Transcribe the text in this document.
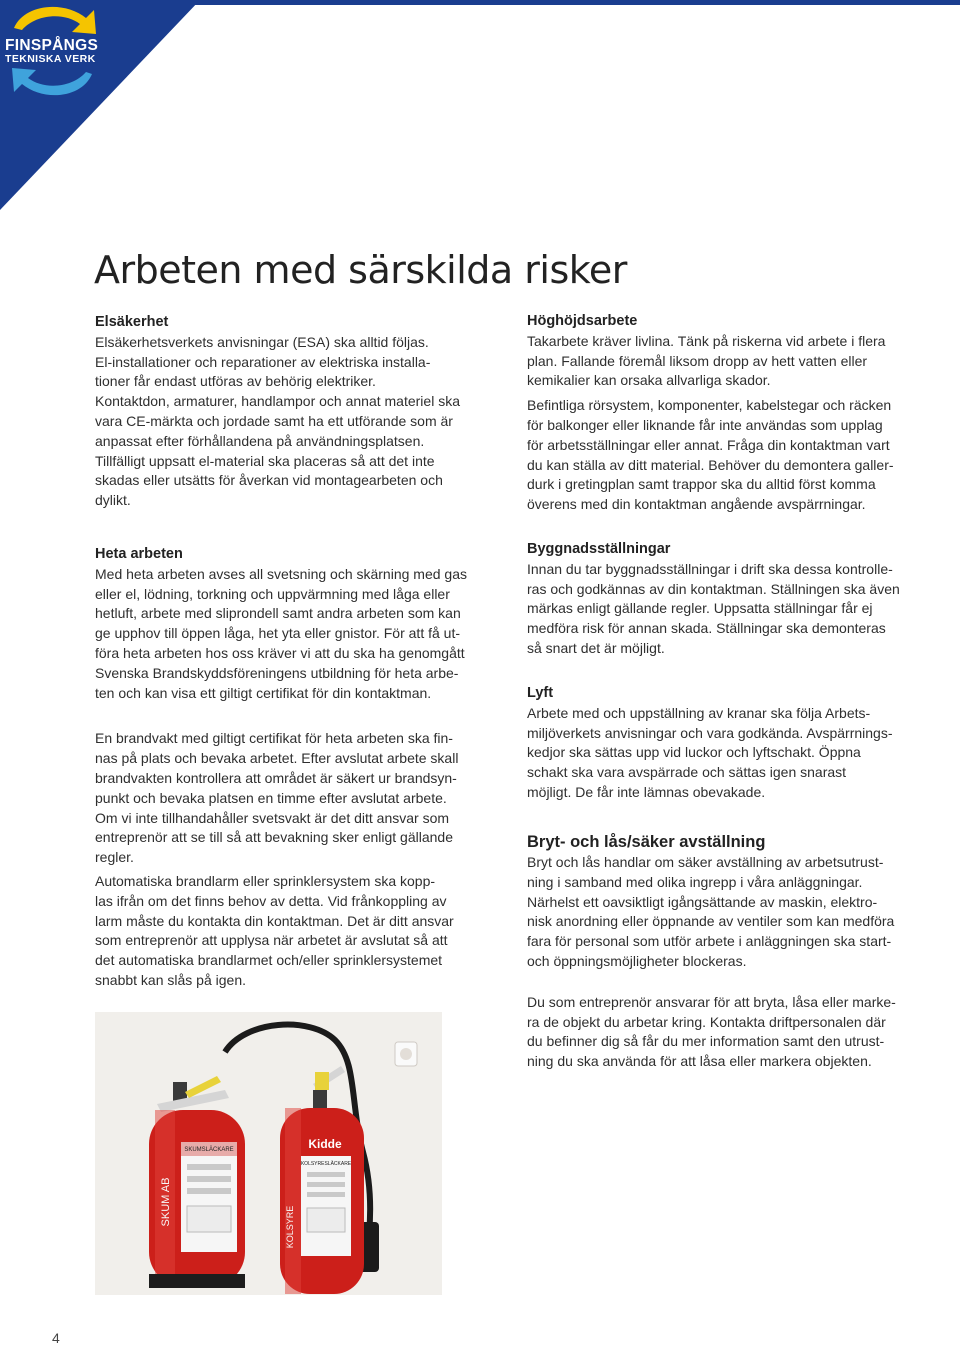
FINSPÅNGS
TEKNISKA VERK
Arbeten med särskilda risker
Elsäkerhet

Elsäkerhetsverkets anvisningar (ESA) ska alltid följas.

El-installationer och reparationer av elektriska installa-

tioner får endast utföras av behörig elektriker.

Kontaktdon, armaturer, handlampor och annat materiel ska

vara CE-märkta och jordade samt ha ett utförande som är

anpassat efter förhållandena på användningsplatsen.

Tillfälligt uppsatt el-material ska placeras så att det inte

skadas eller utsätts för åverkan vid montagearbeten och

dylikt.

Heta arbeten

Med heta arbeten avses all svetsning och skärning med gas

eller el, lödning, torkning och uppvärmning med låga eller

hetluft, arbete med sliprondell samt andra arbeten som kan

ge upphov till öppen låga, het yta eller gnistor. För att få ut-

föra heta arbeten hos oss kräver vi att du ska ha genomgått

Svenska Brandskyddsföreningens utbildning för heta arbe-

ten och kan visa ett giltigt certifikat för din kontaktman.

En brandvakt med giltigt certifikat för heta arbeten ska fin-

nas på plats och bevaka arbetet. Efter avslutat arbete skall

brandvakten kontrollera att området är säkert ur brandsyn-

punkt och bevaka platsen en timme efter avslutat arbete.

Om vi inte tillhandahåller svetsvakt är det ditt ansvar som

entreprenör att se till så att bevakning sker enligt gällande

regler.

Automatiska brandlarm eller sprinklersystem ska kopp-

las ifrån om det finns behov av detta. Vid frånkoppling av

larm måste du kontakta din kontaktman. Det är ditt ansvar

som entreprenör att upplysa när arbetet är avslutat så att

det automatiska brandlarmet och/eller sprinklersystemet

snabbt kan slås på igen.

Höghöjdsarbete

Takarbete kräver livlina. Tänk på riskerna vid arbete i flera

plan. Fallande föremål liksom dropp av hett vatten eller

kemikalier kan orsaka allvarliga skador.

Befintliga rörsystem, komponenter, kabelstegar och räcken

för balkonger eller liknande får inte användas som upplag

för arbetsställningar eller annat. Fråga din kontaktman vart

du kan ställa av ditt material. Behöver du demontera galler-

durk i gretingplan samt trappor ska du alltid först komma

överens med din kontaktman angående avspärrningar.

Byggnadsställningar

Innan du tar byggnadsställningar i drift ska dessa kontrolle-

ras och godkännas av din kontaktman. Ställningen ska även

märkas enligt gällande regler. Uppsatta ställningar får ej

medföra risk för annan skada. Ställningar ska demonteras

så snart det är möjligt.

Lyft

Arbete med och uppställning av kranar ska följa Arbets-

miljöverkets anvisningar och vara godkända. Avspärrnings-

kedjor ska sättas upp vid luckor och lyftschakt. Öppna

schakt ska vara avspärrade och sättas igen snarast

möjligt. De får inte lämnas obevakade.

Bryt- och lås/säker avställning

Bryt och lås handlar om säker avställning av arbetsutrust-

ning i samband med olika ingrepp i våra anläggningar.

Närhelst ett oavsiktligt igångsättande av maskin, elektro-

nisk anordning eller öppnande av ventiler som kan medföra

fara för personal som utför arbete i anläggningen ska start-

och öppningsmöjligheter blockeras.

Du som entreprenör ansvarar för att bryta, låsa eller marke-

ra de objekt du arbetar kring. Kontakta driftpersonalen där

du befinner dig så får du mer information samt den utrust-

ning du ska använda för att låsa eller markera objekten.

SKUMSLÄCKARE
SKUM AB
Kidde
KOLSYRESLÄCKARE
KOLSYRE
4
